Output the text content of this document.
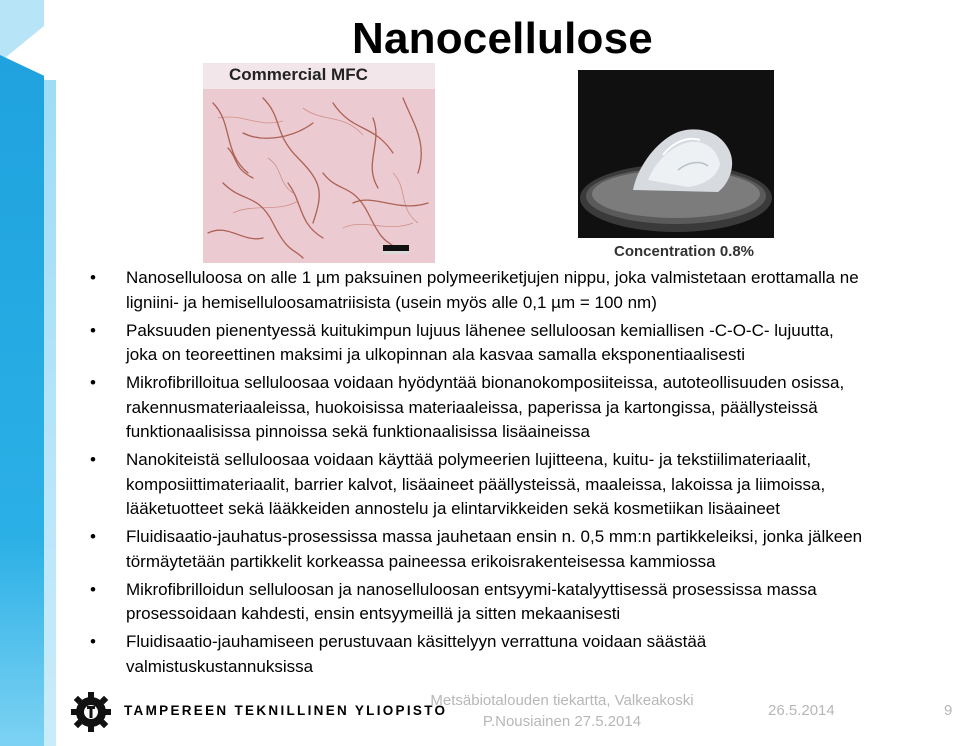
Nanocellulose
Commercial MFC
Concentration 0.8%
•	Nanoselluloosa on alle 1 µm paksuinen polymeeriketjujen nippu, joka valmistetaan erottamalla ne
ligniini- ja hemiselluloosamatriisista (usein myös alle 0,1 µm = 100 nm)
•	Paksuuden pienentyessä kuitukimpun lujuus lähenee selluloosan kemiallisen -C-O-C- lujuutta,
joka on teoreettinen maksimi ja ulkopinnan ala kasvaa samalla eksponentiaalisesti
•	Mikrofibrilloitua selluloosaa voidaan hyödyntää bionanokomposiiteissa, autoteollisuuden osissa,
rakennusmateriaaleissa, huokoisissa materiaaleissa, paperissa ja kartongissa, päällysteissä
funktionaalisissa pinnoissa sekä funktionaalisissa lisäaineissa
•	Nanokiteistä selluloosaa voidaan käyttää polymeerien lujitteena, kuitu- ja tekstiilimateriaalit,
komposiittimateriaalit, barrier kalvot, lisäaineet päällysteissä, maaleissa, lakoissa ja liimoissa,
lääketuotteet sekä lääkkeiden annostelu ja elintarvikkeiden sekä kosmetiikan lisäaineet
•	Fluidisaatio-jauhatus-prosessissa massa jauhetaan ensin n. 0,5 mm:n partikkeleiksi, jonka jälkeen
törmäytetään partikkelit korkeassa paineessa erikoisrakenteisessa kammiossa
•	Mikrofibrilloidun selluloosan ja nanoselluloosan entsyymi-katalyyttisessä prosessissa massa
prosessoidaan kahdesti, ensin entsyymeillä ja sitten mekaanisesti
•	Fluidisaatio-jauhamiseen perustuvaan käsittelyyn verrattuna voidaan säästää
valmistuskustannuksissa
TAMPEREEN TEKNILLINEN YLIOPISTO
Metsäbiotalouden tiekartta, Valkeakoski
P.Nousiainen 27.5.2014
26.5.2014	9
